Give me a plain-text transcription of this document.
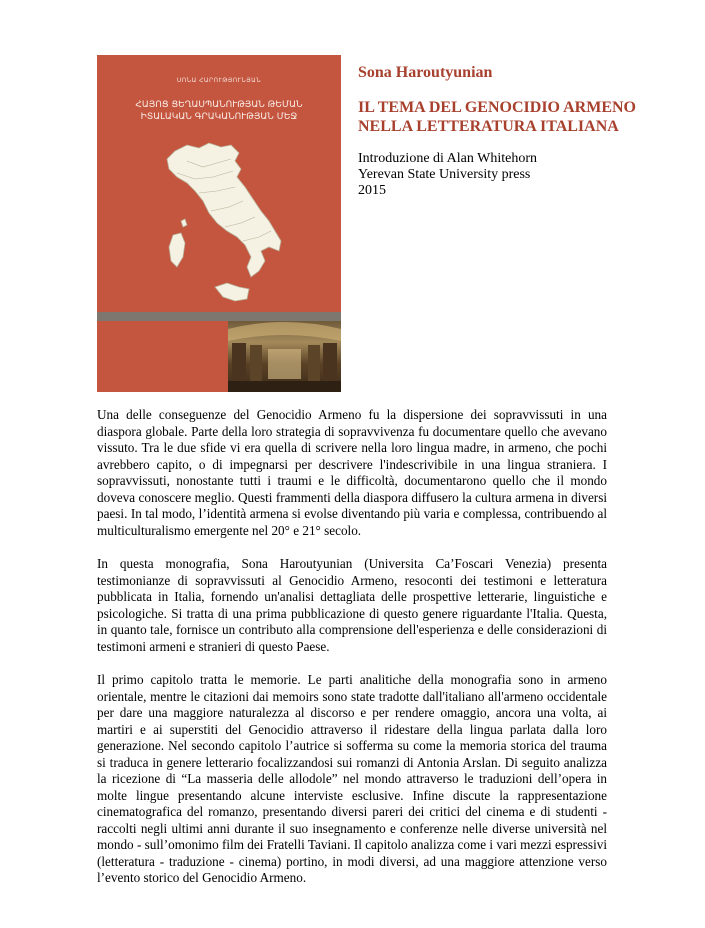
ՍՈՆԱ ՀԱՐՈՒԹՅՈՒՆՅԱՆ
ՀԱՅՈՑ ՑԵՂԱՍՊԱՆՈՒԹՅԱՆ ԹԵՄԱՆ
ԻՏԱԼԱԿԱՆ ԳՐԱԿԱՆՈՒԹՅԱՆ ՄԵՋ

Sona Haroutyunian

IL TEMA DEL GENOCIDIO ARMENO
NELLA LETTERATURA ITALIANA
Introduzione di Alan Whitehorn
Yerevan State University press
2015

Una delle conseguenze del Genocidio Armeno fu la dispersione dei sopravvissuti in una diaspora globale. Parte della loro strategia di sopravvivenza fu documentare quello che avevano vissuto. Tra le due sfide vi era quella di scrivere nella loro lingua madre, in armeno, che pochi avrebbero capito, o di impegnarsi per descrivere l'indescrivibile in una lingua straniera. I sopravvissuti, nonostante tutti i traumi e le difficoltà, documentarono quello che il mondo doveva conoscere meglio. Questi frammenti della diaspora diffusero la cultura armena in diversi paesi. In tal modo, l’identità armena si evolse diventando più varia e complessa, contribuendo al multiculturalismo emergente nel 20° e 21° secolo.

In questa monografia, Sona Haroutyunian (Universita Ca’Foscari Venezia) presenta testimonianze di sopravvissuti al Genocidio Armeno, resoconti dei testimoni e letteratura pubblicata in Italia, fornendo un'analisi dettagliata delle prospettive letterarie, linguistiche e psicologiche. Si tratta di una prima pubblicazione di questo genere riguardante l'Italia. Questa, in quanto tale, fornisce un contributo alla comprensione dell'esperienza e delle considerazioni di testimoni armeni e stranieri di questo Paese.

Il primo capitolo tratta le memorie. Le parti analitiche della monografia sono in armeno orientale, mentre le citazioni dai memoirs sono state tradotte dall'italiano all'armeno occidentale per dare una maggiore naturalezza al discorso e per rendere omaggio, ancora una volta, ai martiri e ai superstiti del Genocidio attraverso il ridestare della lingua parlata dalla loro generazione. Nel secondo capitolo l’autrice si sofferma su come la memoria storica del trauma si traduca in genere letterario focalizzandosi sui romanzi di Antonia Arslan. Di seguito analizza la ricezione di “La masseria delle allodole” nel mondo attraverso le traduzioni dell’opera in molte lingue presentando alcune interviste esclusive. Infine discute la rappresentazione cinematografica del romanzo, presentando diversi pareri dei critici del cinema e di studenti - raccolti negli ultimi anni durante il suo insegnamento e conferenze nelle diverse università nel mondo - sull’omonimo film dei Fratelli Taviani. Il capitolo analizza come i vari mezzi espressivi (letteratura - traduzione - cinema) portino, in modi diversi, ad una maggiore attenzione verso l’evento storico del Genocidio Armeno.
